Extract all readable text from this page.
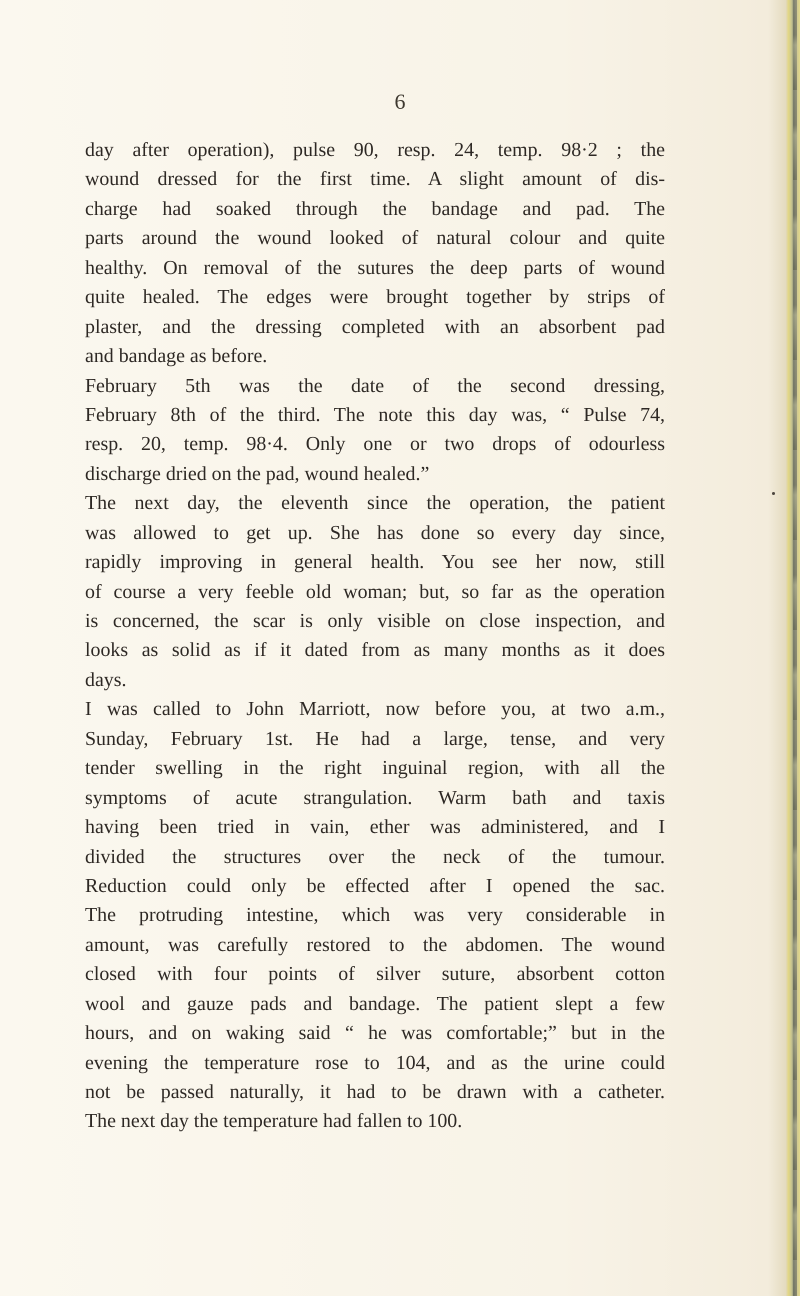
6
day after operation), pulse 90, resp. 24, temp. 98·2 ; the
wound dressed for the first time. A slight amount of dis-
charge had soaked through the bandage and pad. The
parts around the wound looked of natural colour and quite
healthy. On removal of the sutures the deep parts of wound
quite healed. The edges were brought together by strips of
plaster, and the dressing completed with an absorbent pad
and bandage as before.
February 5th was the date of the second dressing,
February 8th of the third. The note this day was, “ Pulse 74,
resp. 20, temp. 98·4. Only one or two drops of odourless
discharge dried on the pad, wound healed.”
The next day, the eleventh since the operation, the patient
was allowed to get up. She has done so every day since,
rapidly improving in general health. You see her now, still
of course a very feeble old woman; but, so far as the operation
is concerned, the scar is only visible on close inspection, and
looks as solid as if it dated from as many months as it does
days.
I was called to John Marriott, now before you, at two a.m.,
Sunday, February 1st. He had a large, tense, and very
tender swelling in the right inguinal region, with all the
symptoms of acute strangulation. Warm bath and taxis
having been tried in vain, ether was administered, and I
divided the structures over the neck of the tumour.
Reduction could only be effected after I opened the sac.
The protruding intestine, which was very considerable in
amount, was carefully restored to the abdomen. The wound
closed with four points of silver suture, absorbent cotton
wool and gauze pads and bandage. The patient slept a few
hours, and on waking said “ he was comfortable;” but in the
evening the temperature rose to 104, and as the urine could
not be passed naturally, it had to be drawn with a catheter.
The next day the temperature had fallen to 100.
